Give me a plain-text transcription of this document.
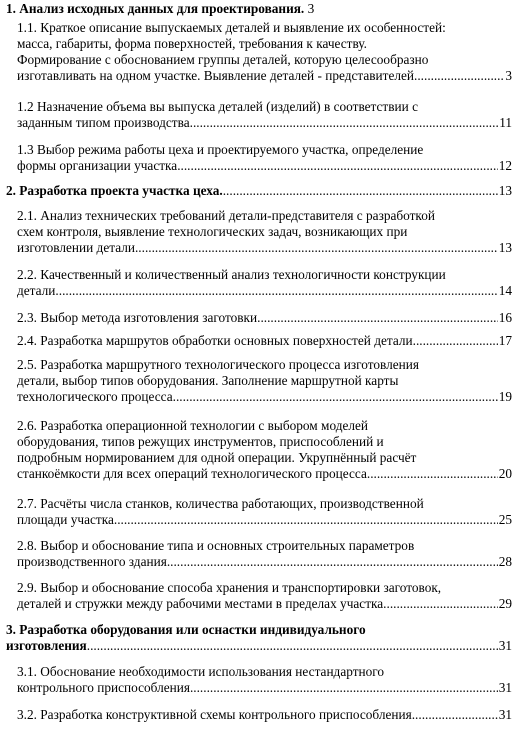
1. Анализ исходных данных для проектирования. 3
1.1. Краткое описание выпускаемых деталей и выявление их особенностей:
масса, габариты, форма поверхностей, требования к качеству.
Формирование с обоснованием группы деталей, которую целесообразно
изготавливать на одном участке. Выявление деталей - представителей .....	3
1.2 Назначение объема вы выпуска деталей (изделий) в соответствии с
заданным типом производства. .....	11
1.3 Выбор режима работы цеха и проектируемого участка, определение
формы организации участка. .....	12
2. Разработка проекта участка цеха. .....	13
2.1. Анализ технических требований детали-представителя с разработкой
схем контроля, выявление технологических задач, возникающих при
изготовлении детали. .....	13
2.2. Качественный и количественный анализ технологичности конструкции
детали. .....	14
2.3. Выбор метода изготовления заготовки. .....	16
2.4. Разработка маршрутов обработки основных поверхностей детали. .....	17
2.5. Разработка маршрутного технологического процесса изготовления
детали, выбор типов оборудования. Заполнение маршрутной карты
технологического процесса. .....	19
2.6. Разработка операционной технологии с выбором моделей
оборудования, типов режущих инструментов, приспособлений и
подробным нормированием для одной операции. Укрупнённый расчёт
станкоёмкости для всех операций технологического процесса. .....	20
2.7. Расчёты числа станков, количества работающих, производственной
площади участка. .....	25
2.8. Выбор и обоснование типа и основных строительных параметров
производственного здания. .....	28
2.9. Выбор и обоснование способа хранения и транспортировки заготовок,
деталей и стружки между рабочими местами в пределах участка. .....	29
3. Разработка оборудования или оснастки индивидуального
изготовления .....	31
3.1. Обоснование необходимости использования нестандартного
контрольного приспособления. .....	31
3.2. Разработка конструктивной схемы контрольного приспособления. .....	31
